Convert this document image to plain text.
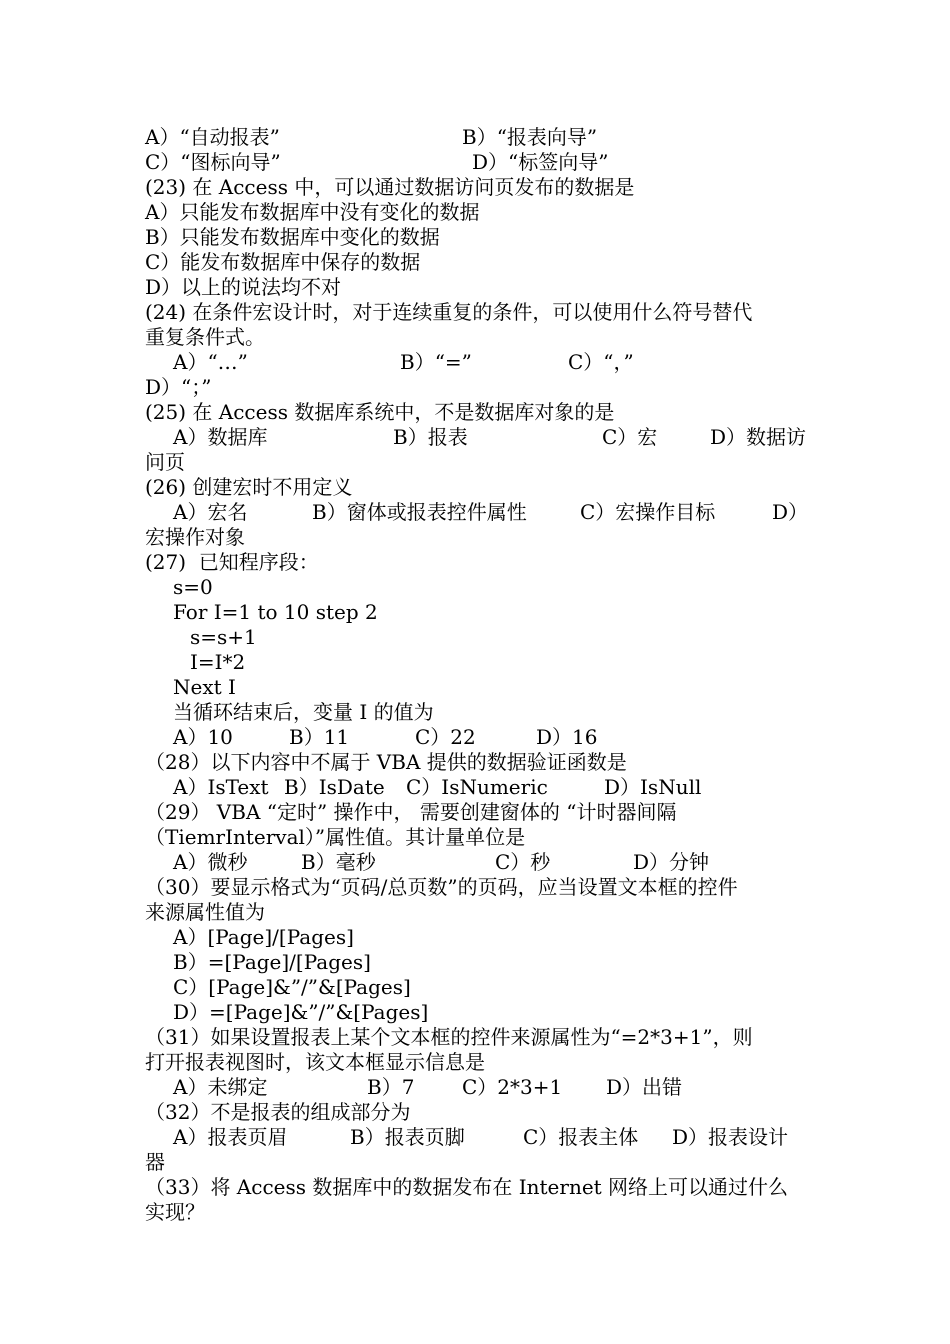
A）“自动报表”	B）“报表向导”
C）“图标向导”	D）“标签向导”
(23) 在 Access 中，可以通过数据访问页发布的数据是
A）只能发布数据库中没有变化的数据
B）只能发布数据库中变化的数据
C）能发布数据库中保存的数据
D）以上的说法均不对
(24) 在条件宏设计时，对于连续重复的条件，可以使用什么符号替代
重复条件式。
A）“…”	B）“=”	C）“，”
D）“；”
(25) 在 Access 数据库系统中，不是数据库对象的是
A）数据库	B）报表	C）宏	D）数据访
问页
(26) 创建宏时不用定义
A）宏名	B）窗体或报表控件属性	C）宏操作目标	D）
宏操作对象
(27)  已知程序段：
s=0
For I=1 to 10 step 2
s=s+1
I=I*2
Next I
当循环结束后，变量 I 的值为
A）10	B）11	C）22	D）16
（28）以下内容中不属于 VBA 提供的数据验证函数是
A）IsText B）IsDate C）IsNumeric	D）IsNull
（29） VBA “定时” 操作中， 需要创建窗体的 “计时器间隔
（TiemrInterval）”属性值。其计量单位是
A）微秒	B）毫秒	C）秒	D）分钟
（30）要显示格式为“页码/总页数”的页码，应当设置文本框的控件
来源属性值为
A）[Page]/[Pages]
B）=[Page]/[Pages]
C）[Page]&”/”&[Pages]
D）=[Page]&”/”&[Pages]
（31）如果设置报表上某个文本框的控件来源属性为“=2*3+1”，则
打开报表视图时，该文本框显示信息是
A）未绑定	B）7 C）2*3+1 D）出错
（32）不是报表的组成部分为
A）报表页眉	B）报表页脚	C）报表主体 D）报表设计
器
（33）将 Access 数据库中的数据发布在 Internet 网络上可以通过什么
实现？
